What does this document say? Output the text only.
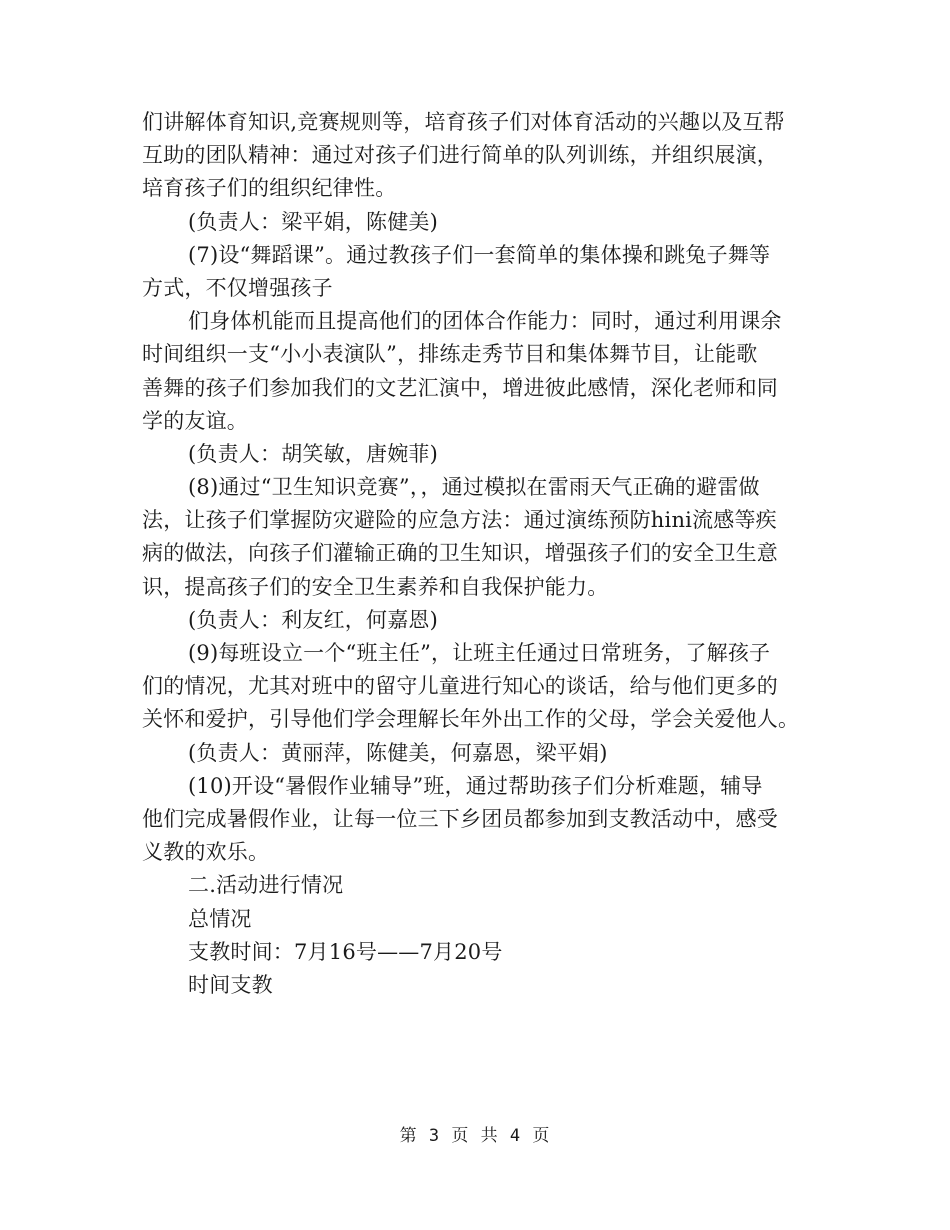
们讲解体育知识,竞赛规则等，培育孩子们对体育活动的兴趣以及互帮
互助的团队精神：通过对孩子们进行简单的队列训练，并组织展演，
培育孩子们的组织纪律性。
(负责人：梁平娟，陈健美)
(7)设“舞蹈课”。通过教孩子们一套简单的集体操和跳兔子舞等
方式，不仅增强孩子
们身体机能而且提高他们的团体合作能力：同时，通过利用课余
时间组织一支“小小表演队”，排练走秀节目和集体舞节目，让能歌
善舞的孩子们参加我们的文艺汇演中，增进彼此感情，深化老师和同
学的友谊。
(负责人：胡笑敏，唐婉菲)
(8)通过“卫生知识竞赛”，，通过模拟在雷雨天气正确的避雷做
法，让孩子们掌握防灾避险的应急方法：通过演练预防hini流感等疾
病的做法，向孩子们灌输正确的卫生知识，增强孩子们的安全卫生意
识，提高孩子们的安全卫生素养和自我保护能力。
(负责人：利友红，何嘉恩)
(9)每班设立一个“班主任”，让班主任通过日常班务，了解孩子
们的情况，尤其对班中的留守儿童进行知心的谈话，给与他们更多的
关怀和爱护，引导他们学会理解长年外出工作的父母，学会关爱他人。
(负责人：黄丽萍，陈健美，何嘉恩，梁平娟)
(10)开设“暑假作业辅导”班，通过帮助孩子们分析难题，辅导
他们完成暑假作业，让每一位三下乡团员都参加到支教活动中，感受
义教的欢乐。
二.活动进行情况
总情况
支教时间：7月16号——7月20号
时间支教
第 3 页 共 4 页
